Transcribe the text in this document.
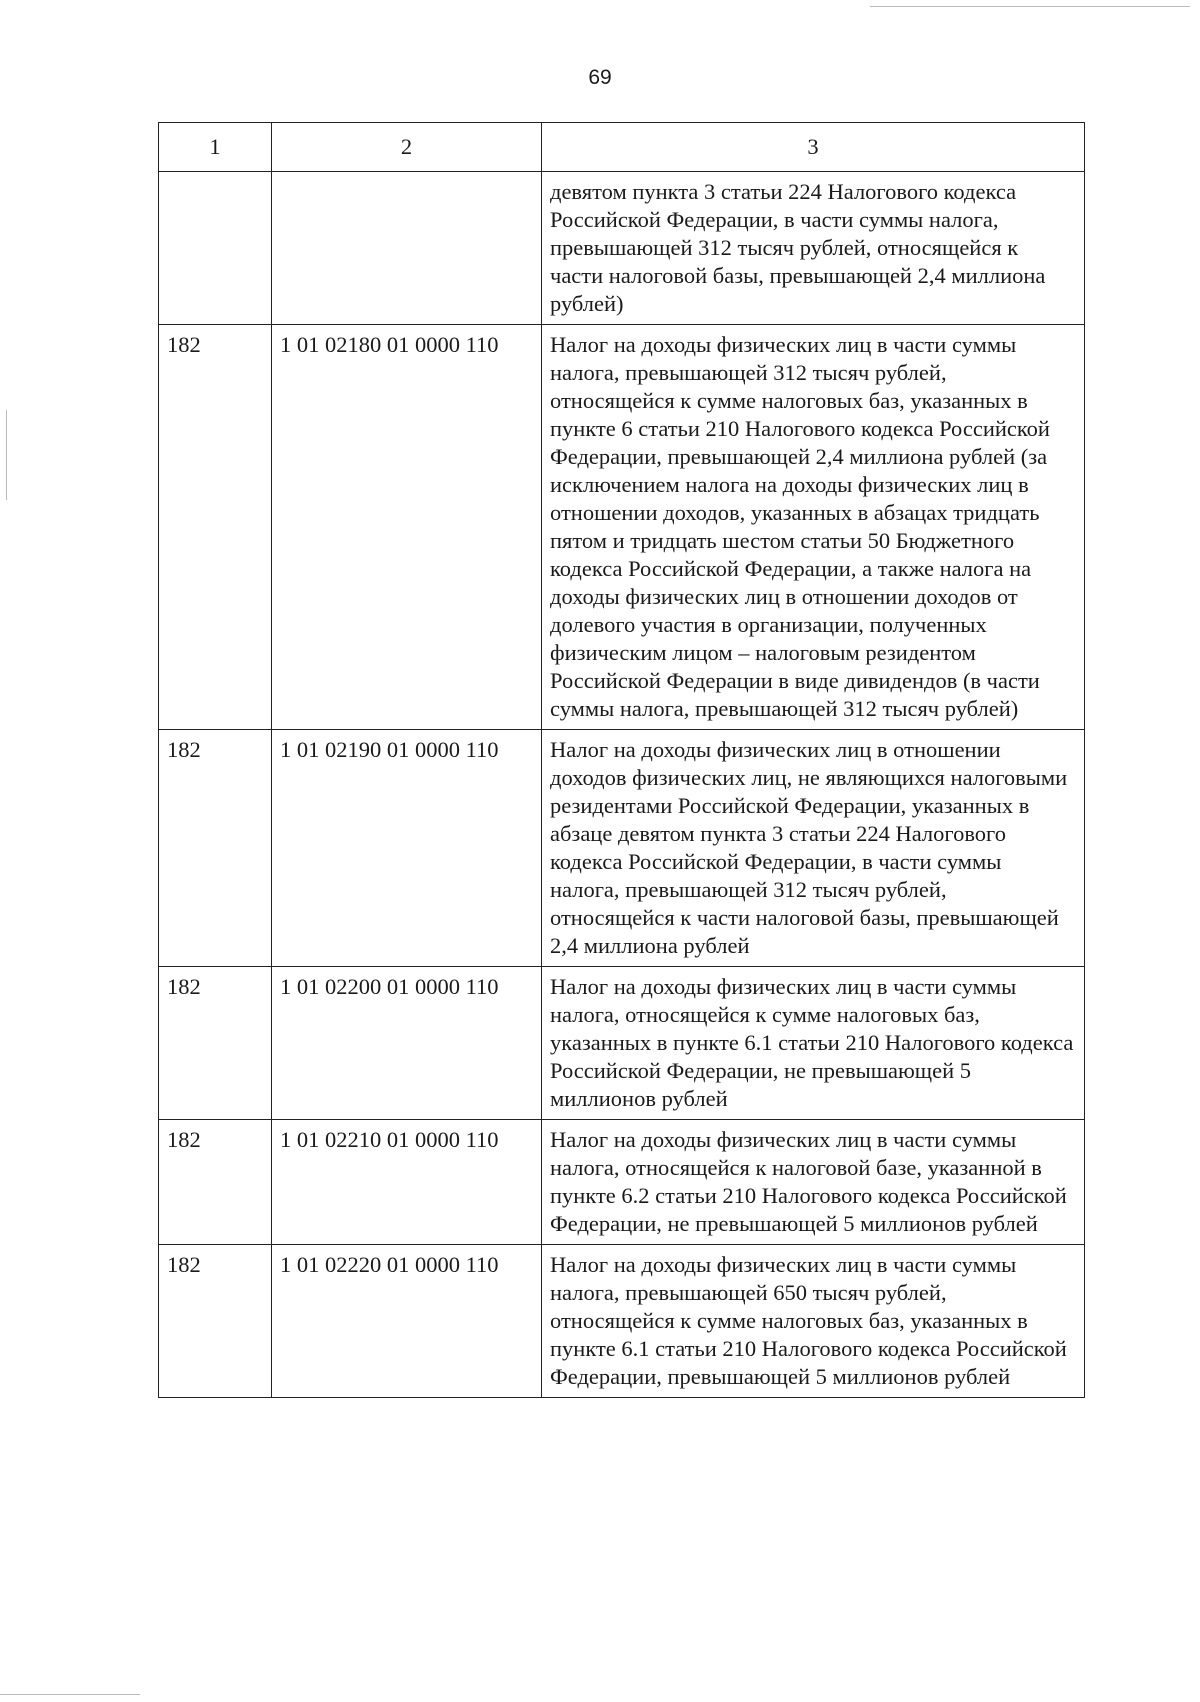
69
1	2	3
		девятом пункта 3 статьи 224 Налогового кодекса Российской Федерации, в части суммы налога, превышающей 312 тысяч рублей, относящейся к части налоговой базы, превышающей 2,4 миллиона рублей)
182	1 01 02180 01 0000 110	Налог на доходы физических лиц в части суммы налога, превышающей 312 тысяч рублей, относящейся к сумме налоговых баз, указанных в пункте 6 статьи 210 Налогового кодекса Российской Федерации, превышающей 2,4 миллиона рублей (за исключением налога на доходы физических лиц в отношении доходов, указанных в абзацах тридцать пятом и тридцать шестом статьи 50 Бюджетного кодекса Российской Федерации, а также налога на доходы физических лиц в отношении доходов от долевого участия в организации, полученных физическим лицом – налоговым резидентом Российской Федерации в виде дивидендов (в части суммы налога, превышающей 312 тысяч рублей)
182	1 01 02190 01 0000 110	Налог на доходы физических лиц в отношении доходов физических лиц, не являющихся налоговыми резидентами Российской Федерации, указанных в абзаце девятом пункта 3 статьи 224 Налогового кодекса Российской Федерации, в части суммы налога, превышающей 312 тысяч рублей, относящейся к части налоговой базы, превышающей 2,4 миллиона рублей
182	1 01 02200 01 0000 110	Налог на доходы физических лиц в части суммы налога, относящейся к сумме налоговых баз, указанных в пункте 6.1 статьи 210 Налогового кодекса Российской Федерации, не превышающей 5 миллионов рублей
182	1 01 02210 01 0000 110	Налог на доходы физических лиц в части суммы налога, относящейся к налоговой базе, указанной в пункте 6.2 статьи 210 Налогового кодекса Российской Федерации, не превышающей 5 миллионов рублей
182	1 01 02220 01 0000 110	Налог на доходы физических лиц в части суммы налога, превышающей 650 тысяч рублей, относящейся к сумме налоговых баз, указанных в пункте 6.1 статьи 210 Налогового кодекса Российской Федерации, превышающей 5 миллионов рублей
